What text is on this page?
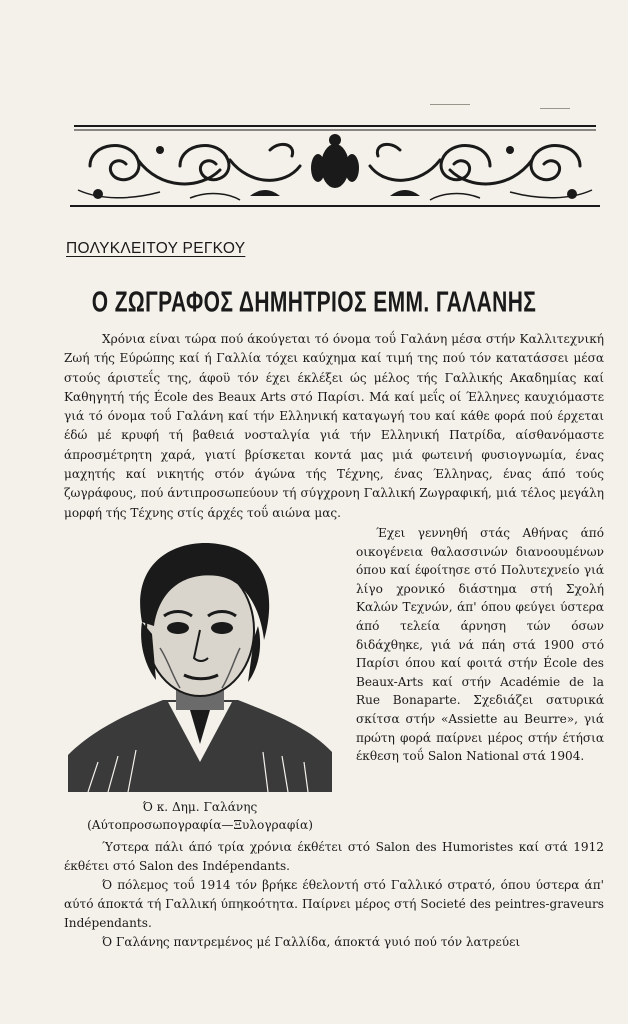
ΠΟΛΥΚΛΕΙΤΟΥ ΡΕΓΚΟΥ
Ο ΖΩΓΡΑΦΟΣ ΔΗΜΗΤΡΙΟΣ ΕΜΜ. ΓΑΛΑΝΗΣ

Χρόνια είναι τώρα πού άκούγεται τό όνομα τοΰ Γαλάνη μέσα στήν Καλλιτεχνική Ζωή τής Εύρώπης καί ή Γαλλία τόχει καύχημα καί τιμή της πού τόν κατατάσσει μέσα στούς άριστεΐς της, άφοϋ τόν έχει έκλέξει ώς μέλος τής Γαλλικής Ακαδημίας καί Καθηγητή τής École des Beaux Arts στό Παρίσι. Μά καί μεΐς οί Έλληνες καυχιόμαστε γιά τό όνομα τοΰ Γαλάνη καί τήν Ελληνική καταγωγή του καί κάθε φορά πού έρχεται έδώ μέ κρυφή τή βαθειά νοσταλγία γιά τήν Ελληνική Πατρίδα, αίσθανόμαστε άπροσμέτρητη χαρά, γιατί βρίσκεται κοντά μας μιά φωτεινή φυσιογνωμία, ένας μαχητής καί νικητής στόν άγώνα τής Τέχνης, ένας Έλληνας, ένας άπό τούς ζωγράφους, πού άντιπροσωπεύουν τή σύγχρονη Γαλλική Ζωγραφική, μιά τέλος μεγάλη μορφή τής Τέχνης στίς άρχές τοΰ αιώνα μας.

Ό κ. Δημ. Γαλάνης
(Αύτοπροσωπογραφία—Ξυλογραφία)

Έχει γεννηθή στάς Αθήνας άπό οικογένεια θαλασσινών διανοουμένων όπου καί έφοίτησε στό Πολυτεχνείο γιά λίγο χρονικό διάστημα στή Σχολή Καλών Τεχνών, άπ' όπου φεύγει ύστερα άπό τελεία άρνηση τών όσων διδάχθηκε, γιά νά πάη στά 1900 στό Παρίσι όπου καί φοιτά στήν École des Beaux-Arts καί στήν Académie de la Rue Bonaparte. Σχεδιάζει σατυρικά σκίτσα στήν «Assiette au Beurre», γιά πρώτη φορά παίρνει μέρος στήν έτήσια έκθεση τοΰ Salon National στά 1904.

Ύστερα πάλι άπό τρία χρόνια έκθέτει στό Salon des Humoristes καί στά 1912 έκθέτει στό Salon des Indépendants.

Ό πόλεμος τοΰ 1914 τόν βρήκε έθελοντή στό Γαλλικό στρατό, όπου ύστερα άπ' αύτό άποκτά τή Γαλλική ύπηκοότητα. Παίρνει μέρος στή Societé des peintres-graveurs Indépendants.

Ό Γαλάνης παντρεμένος μέ Γαλλίδα, άποκτά γυιό πού τόν λατρεύει
